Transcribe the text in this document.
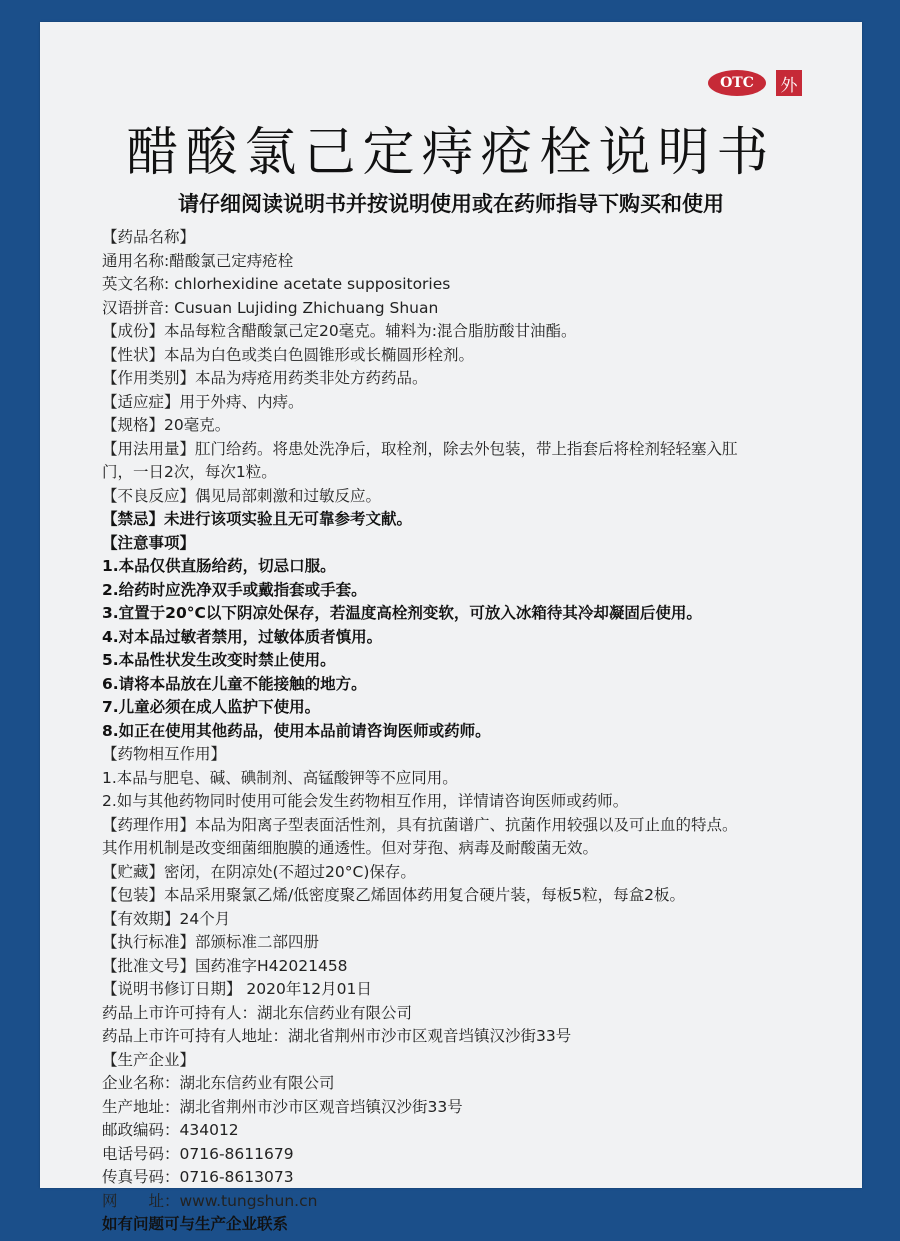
OTC	外
醋酸氯己定痔疮栓说明书
请仔细阅读说明书并按说明使用或在药师指导下购买和使用
【药品名称】
通用名称:醋酸氯己定痔疮栓
英文名称: chlorhexidine acetate suppositories
汉语拼音: Cusuan Lujiding Zhichuang Shuan
【成份】本品每粒含醋酸氯己定20毫克。辅料为:混合脂肪酸甘油酯。
【性状】本品为白色或类白色圆锥形或长椭圆形栓剂。
【作用类别】本品为痔疮用药类非处方药药品。
【适应症】用于外痔、内痔。
【规格】20毫克。
【用法用量】肛门给药。将患处洗净后，取栓剂，除去外包装，带上指套后将栓剂轻轻塞入肛
门，一日2次，每次1粒。
【不良反应】偶见局部刺激和过敏反应。
【禁忌】未进行该项实验且无可靠参考文献。
【注意事项】
1.本品仅供直肠给药，切忌口服。
2.给药时应洗净双手或戴指套或手套。
3.宜置于20°C以下阴凉处保存，若温度高栓剂变软，可放入冰箱待其冷却凝固后使用。
4.对本品过敏者禁用，过敏体质者慎用。
5.本品性状发生改变时禁止使用。
6.请将本品放在儿童不能接触的地方。
7.儿童必须在成人监护下使用。
8.如正在使用其他药品，使用本品前请咨询医师或药师。
【药物相互作用】
1.本品与肥皂、碱、碘制剂、高锰酸钾等不应同用。
2.如与其他药物同时使用可能会发生药物相互作用，详情请咨询医师或药师。
【药理作用】本品为阳离子型表面活性剂，具有抗菌谱广、抗菌作用较强以及可止血的特点。
其作用机制是改变细菌细胞膜的通透性。但对芽孢、病毒及耐酸菌无效。
【贮藏】密闭，在阴凉处(不超过20°C)保存。
【包装】本品采用聚氯乙烯/低密度聚乙烯固体药用复合硬片装，每板5粒，每盒2板。
【有效期】24个月
【执行标准】部颁标准二部四册
【批准文号】国药准字H42021458
【说明书修订日期】 2020年12月01日
药品上市许可持有人：湖北东信药业有限公司
药品上市许可持有人地址：湖北省荆州市沙市区观音垱镇汉沙街33号
【生产企业】
企业名称：湖北东信药业有限公司
生产地址：湖北省荆州市沙市区观音垱镇汉沙街33号
邮政编码：434012
电话号码：0716-8611679
传真号码：0716-8613073
网　　址：www.tungshun.cn
如有问题可与生产企业联系
